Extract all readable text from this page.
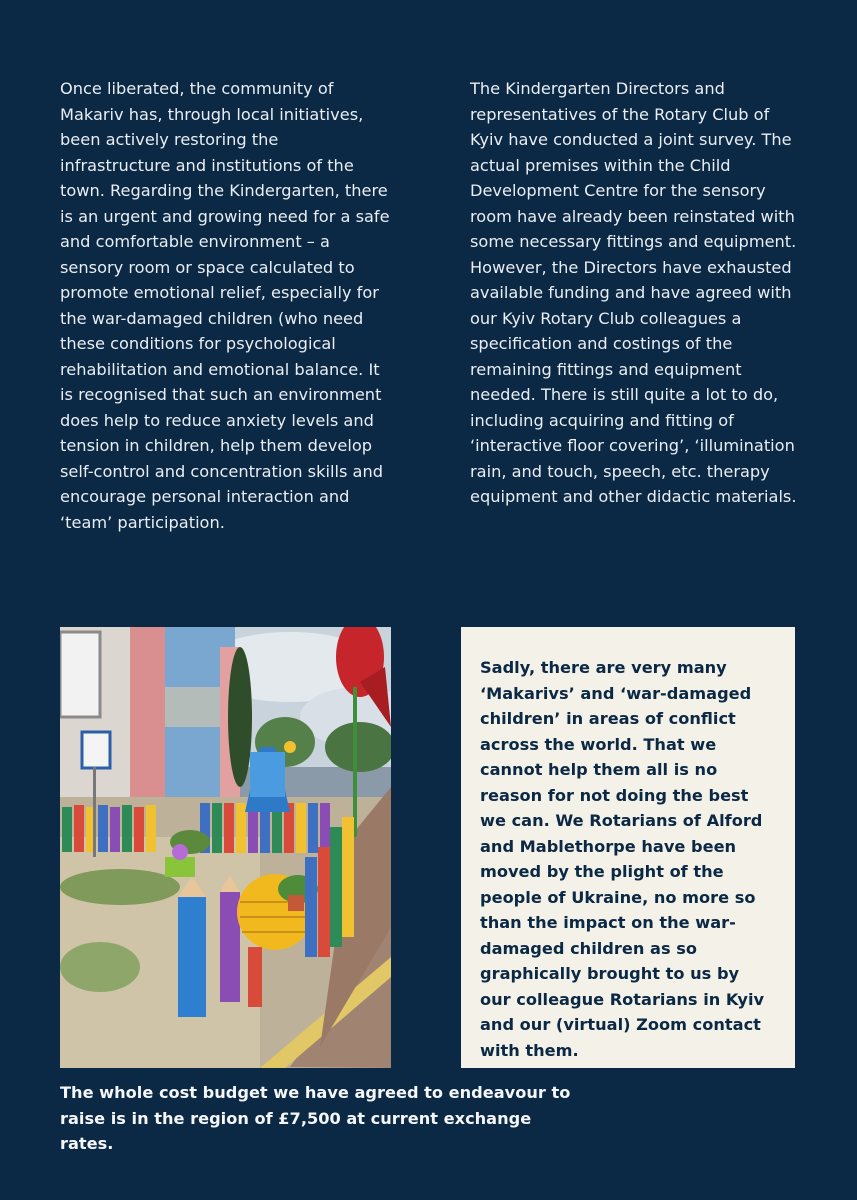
Once liberated, the community of Makariv has, through local initiatives, been actively restoring the infrastructure and institutions of the town. Regarding the Kindergarten, there is an urgent and growing need for a safe and comfortable environment – a sensory room or space calculated to promote emotional relief, especially for the war-damaged children (who need these conditions for psychological rehabilitation and emotional balance. It is recognised that such an environment does help to reduce anxiety levels and tension in children, help them develop self-control and concentration skills and encourage personal interaction and ‘team’ participation.

The Kindergarten Directors and representatives of the Rotary Club of Kyiv have conducted a joint survey. The actual premises within the Child Development Centre for the sensory room have already been reinstated with some necessary fittings and equipment. However, the Directors have exhausted available funding and have agreed with our Kyiv Rotary Club colleagues a specification and costings of the remaining fittings and equipment needed. There is still quite a lot to do, including acquiring and fitting of ‘interactive floor covering’, ‘illumination rain, and touch, speech, etc. therapy equipment and other didactic materials.

Sadly, there are very many ‘Makarivs’ and ‘war-damaged children’ in areas of conflict across the world. That we cannot help them all is no reason for not doing the best we can. We Rotarians of Alford and Mablethorpe have been moved by the plight of the people of Ukraine, no more so than the impact on the war-damaged children as so graphically brought to us by our colleague Rotarians in Kyiv and our (virtual) Zoom contact with them.

The whole cost budget we have agreed to endeavour to raise is in the region of £7,500 at current exchange rates.
